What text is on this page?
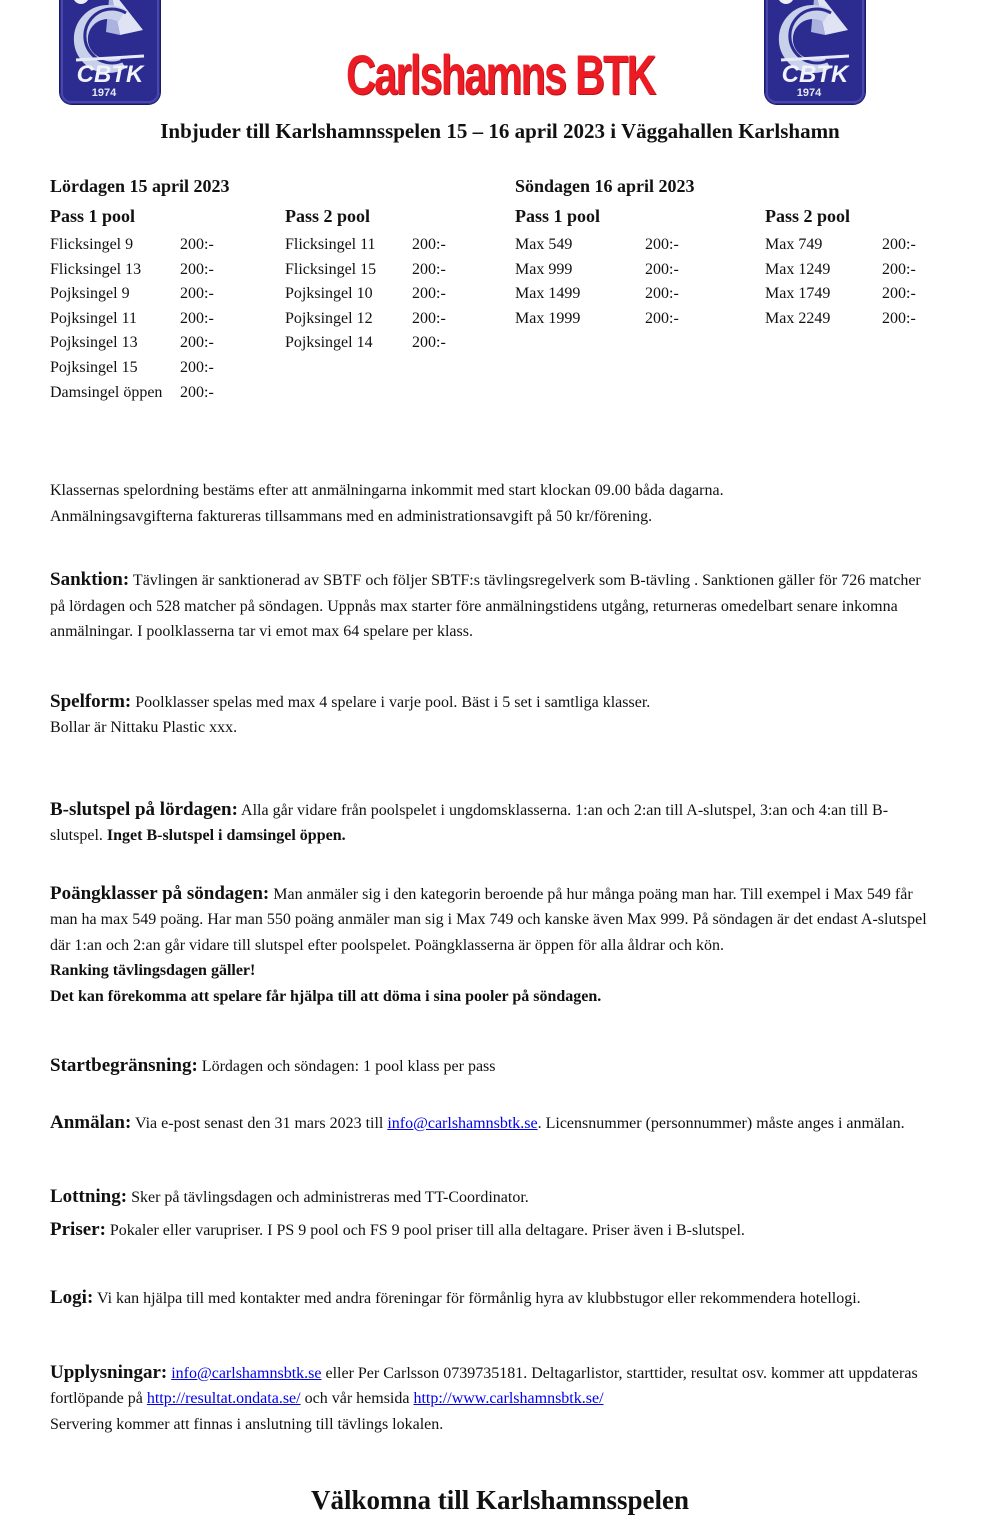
CBTK
1974	Carlshamns BTK	CBTK
1974
Inbjuder till Karlshamnsspelen 15 – 16 april 2023 i Väggahallen Karlshamn
Lördagen 15 april 2023	Söndagen 16 april 2023
Pass 1 pool
Flicksingel 9	200:-
Flicksingel 13	200:-
Pojksingel 9	200:-
Pojksingel 11	200:-
Pojksingel 13	200:-
Pojksingel 15	200:-
Damsingel öppen	200:-
Pass 2 pool
Flicksingel 11	200:-
Flicksingel 15	200:-
Pojksingel 10	200:-
Pojksingel 12	200:-
Pojksingel 14	200:-
Pass 1 pool
Max 549	200:-
Max 999	200:-
Max 1499	200:-
Max 1999	200:-
Pass 2 pool
Max 749	200:-
Max 1249	200:-
Max 1749	200:-
Max 2249	200:-

Klassernas spelordning bestäms efter att anmälningarna inkommit med start klockan 09.00 båda dagarna.
Anmälningsavgifterna faktureras tillsammans med en administrationsavgift på 50 kr/förening.

Sanktion: Tävlingen är sanktionerad av SBTF och följer SBTF:s tävlingsregelverk som B-tävling . Sanktionen gäller för 726 matcher på lördagen och 528 matcher på söndagen. Uppnås max starter före anmälningstidens utgång, returneras omedelbart senare inkomna anmälningar. I poolklasserna tar vi emot max 64 spelare per klass.

Spelform: Poolklasser spelas med max 4 spelare i varje pool. Bäst i 5 set i samtliga klasser.
Bollar är Nittaku Plastic xxx.

B-slutspel på lördagen: Alla går vidare från poolspelet i ungdomsklasserna. 1:an och 2:an till A-slutspel, 3:an och 4:an till B-slutspel. Inget B-slutspel i damsingel öppen.

Poängklasser på söndagen: Man anmäler sig i den kategorin beroende på hur många poäng man har. Till exempel i Max 549 får man ha max 549 poäng. Har man 550 poäng anmäler man sig i Max 749 och kanske även Max 999. På söndagen är det endast A-slutspel där 1:an och 2:an går vidare till slutspel efter poolspelet. Poängklasserna är öppen för alla åldrar och kön.
Ranking tävlingsdagen gäller!
Det kan förekomma att spelare får hjälpa till att döma i sina pooler på söndagen.

Startbegränsning: Lördagen och söndagen: 1 pool klass per pass

Anmälan: Via e-post senast den 31 mars 2023 till info@carlshamnsbtk.se. Licensnummer (personnummer) måste anges i anmälan.

Lottning: Sker på tävlingsdagen och administreras med TT-Coordinator.

Priser: Pokaler eller varupriser. I PS 9 pool och FS 9 pool priser till alla deltagare. Priser även i B-slutspel.

Logi: Vi kan hjälpa till med kontakter med andra föreningar för förmånlig hyra av klubbstugor eller rekommendera hotellogi.

Upplysningar: info@carlshamnsbtk.se eller Per Carlsson 0739735181. Deltagarlistor, starttider, resultat osv. kommer att uppdateras fortlöpande på http://resultat.ondata.se/ och vår hemsida http://www.carlshamnsbtk.se/
Servering kommer att finnas i anslutning till tävlings lokalen.

Välkomna till Karlshamnsspelen
